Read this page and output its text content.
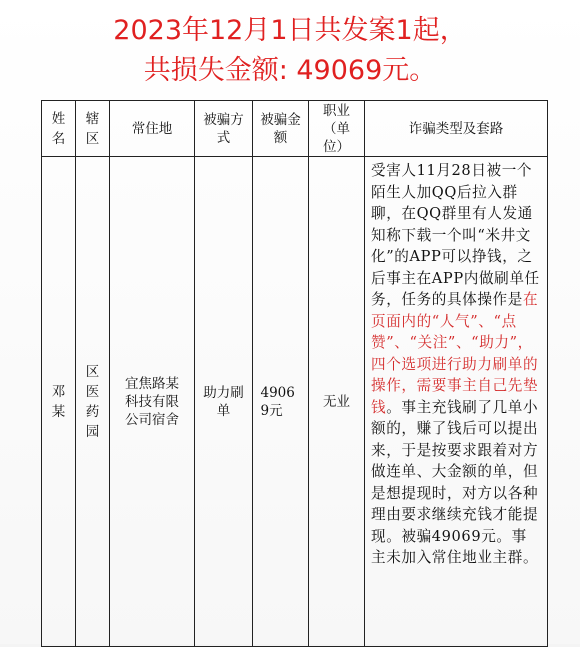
2023年12月1日共发案1起，
共损失金额: 49069元。
姓名	辖区	常住地	被骗方式	被骗金额	职业（单位）	诈骗类型及套路
邓某	区医药园	宜焦路某科技有限公司宿舍	助力刷单	49069元	无业	受害人11月28日被一个陌生人加QQ后拉入群聊，在QQ群里有人发通知称下载一个叫“米井文化”的APP可以挣钱，之后事主在APP内做刷单任务，任务的具体操作是在页面内的“人气”、“点赞”、“关注”、“助力”，四个选项进行助力刷单的操作，需要事主自己先垫钱。事主充钱刷了几单小额的，赚了钱后可以提出来，于是按要求跟着对方做连单、大金额的单，但是想提现时，对方以各种理由要求继续充钱才能提现。被骗49069元。事主未加入常住地业主群。
